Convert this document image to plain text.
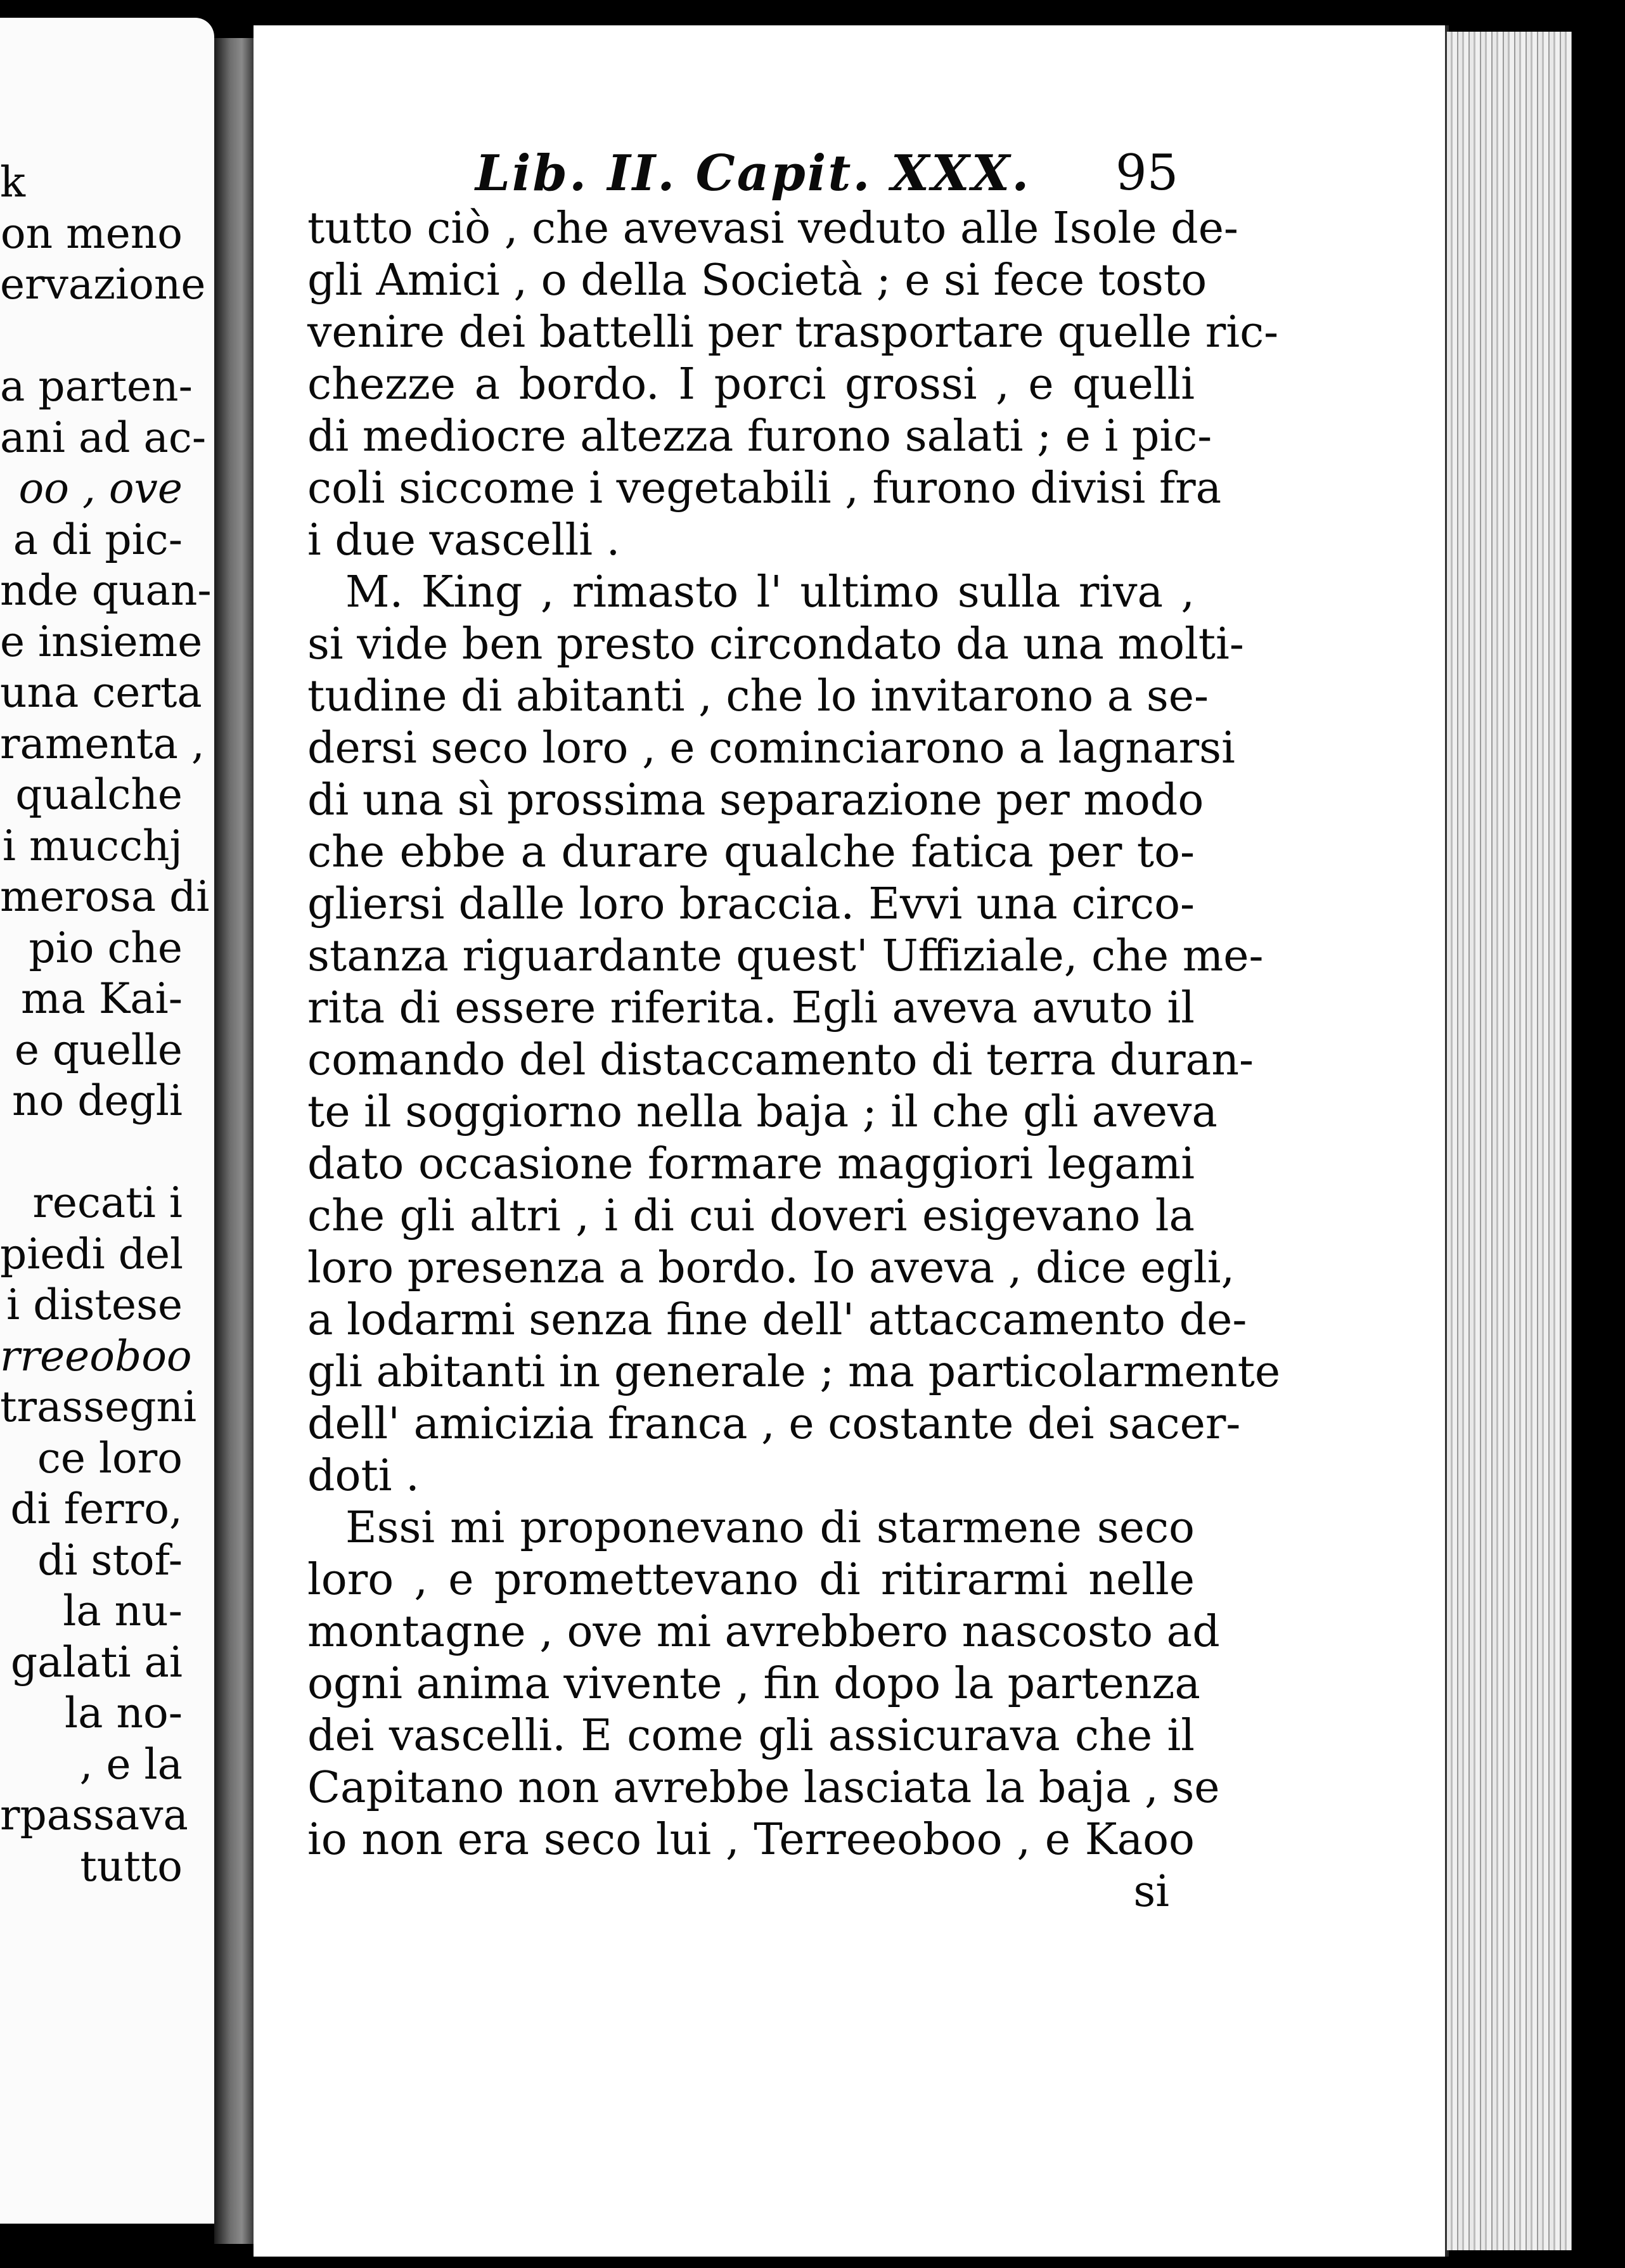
k
on meno
ervazione

a parten-
ani ad ac-
oo , ove
a di pic-
nde quan-
e insieme
una certa
ramenta ,
qualche
i mucchj
merosa di
pio che
ma Kai-
e quelle
no degli

recati i
piedi del
i distese
rreeoboo
trassegni
ce loro
di ferro,
di stof-
la nu-
galati ai
la no-
, e la
rpassava
tutto
Lib. II. Capit. XXX. 95
tutto ciò , che avevasi veduto alle Isole de-
gli Amici , o della Società ; e si fece tosto
venire dei battelli per trasportare quelle ric-
chezze a bordo. I porci grossi , e quelli
di mediocre altezza furono salati ; e i pic-
coli siccome i vegetabili , furono divisi fra
i due vascelli .
M. King , rimasto l' ultimo sulla riva ,
si vide ben presto circondato da una molti-
tudine di abitanti , che lo invitarono a se-
dersi seco loro , e cominciarono a lagnarsi
di una sì prossima separazione per modo
che ebbe a durare qualche fatica per to-
gliersi dalle loro braccia. Evvi una circo-
stanza riguardante quest' Uffiziale, che me-
rita di essere riferita. Egli aveva avuto il
comando del distaccamento di terra duran-
te il soggiorno nella baja ; il che gli aveva
dato occasione formare maggiori legami
che gli altri , i di cui doveri esigevano la
loro presenza a bordo. Io aveva , dice egli,
a lodarmi senza fine dell' attaccamento de-
gli abitanti in generale ; ma particolarmente
dell' amicizia franca , e costante dei sacer-
doti .
Essi mi proponevano di starmene seco
loro , e promettevano di ritirarmi nelle
montagne , ove mi avrebbero nascosto ad
ogni anima vivente , fin dopo la partenza
dei vascelli. E come gli assicurava che il
Capitano non avrebbe lasciata la baja , se
io non era seco lui , Terreeoboo , e Kaoo
si
